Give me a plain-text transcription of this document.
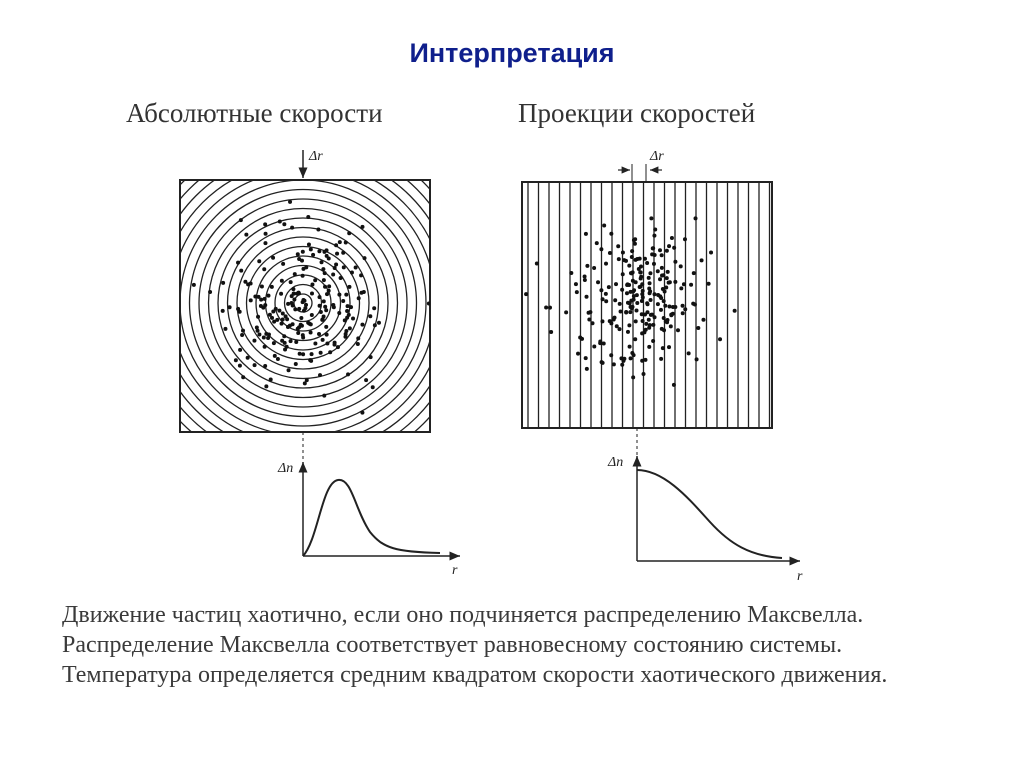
Интерпретация
Абсолютные скорости	Проекции скоростей
Δr	Δr
Δn
r
Δn
r
Движение частиц хаотично, если оно подчиняется распределению Максвелла. Распределение Максвелла соответствует равновесному состоянию системы. Температура определяется средним квадратом скорости хаотического движения.
